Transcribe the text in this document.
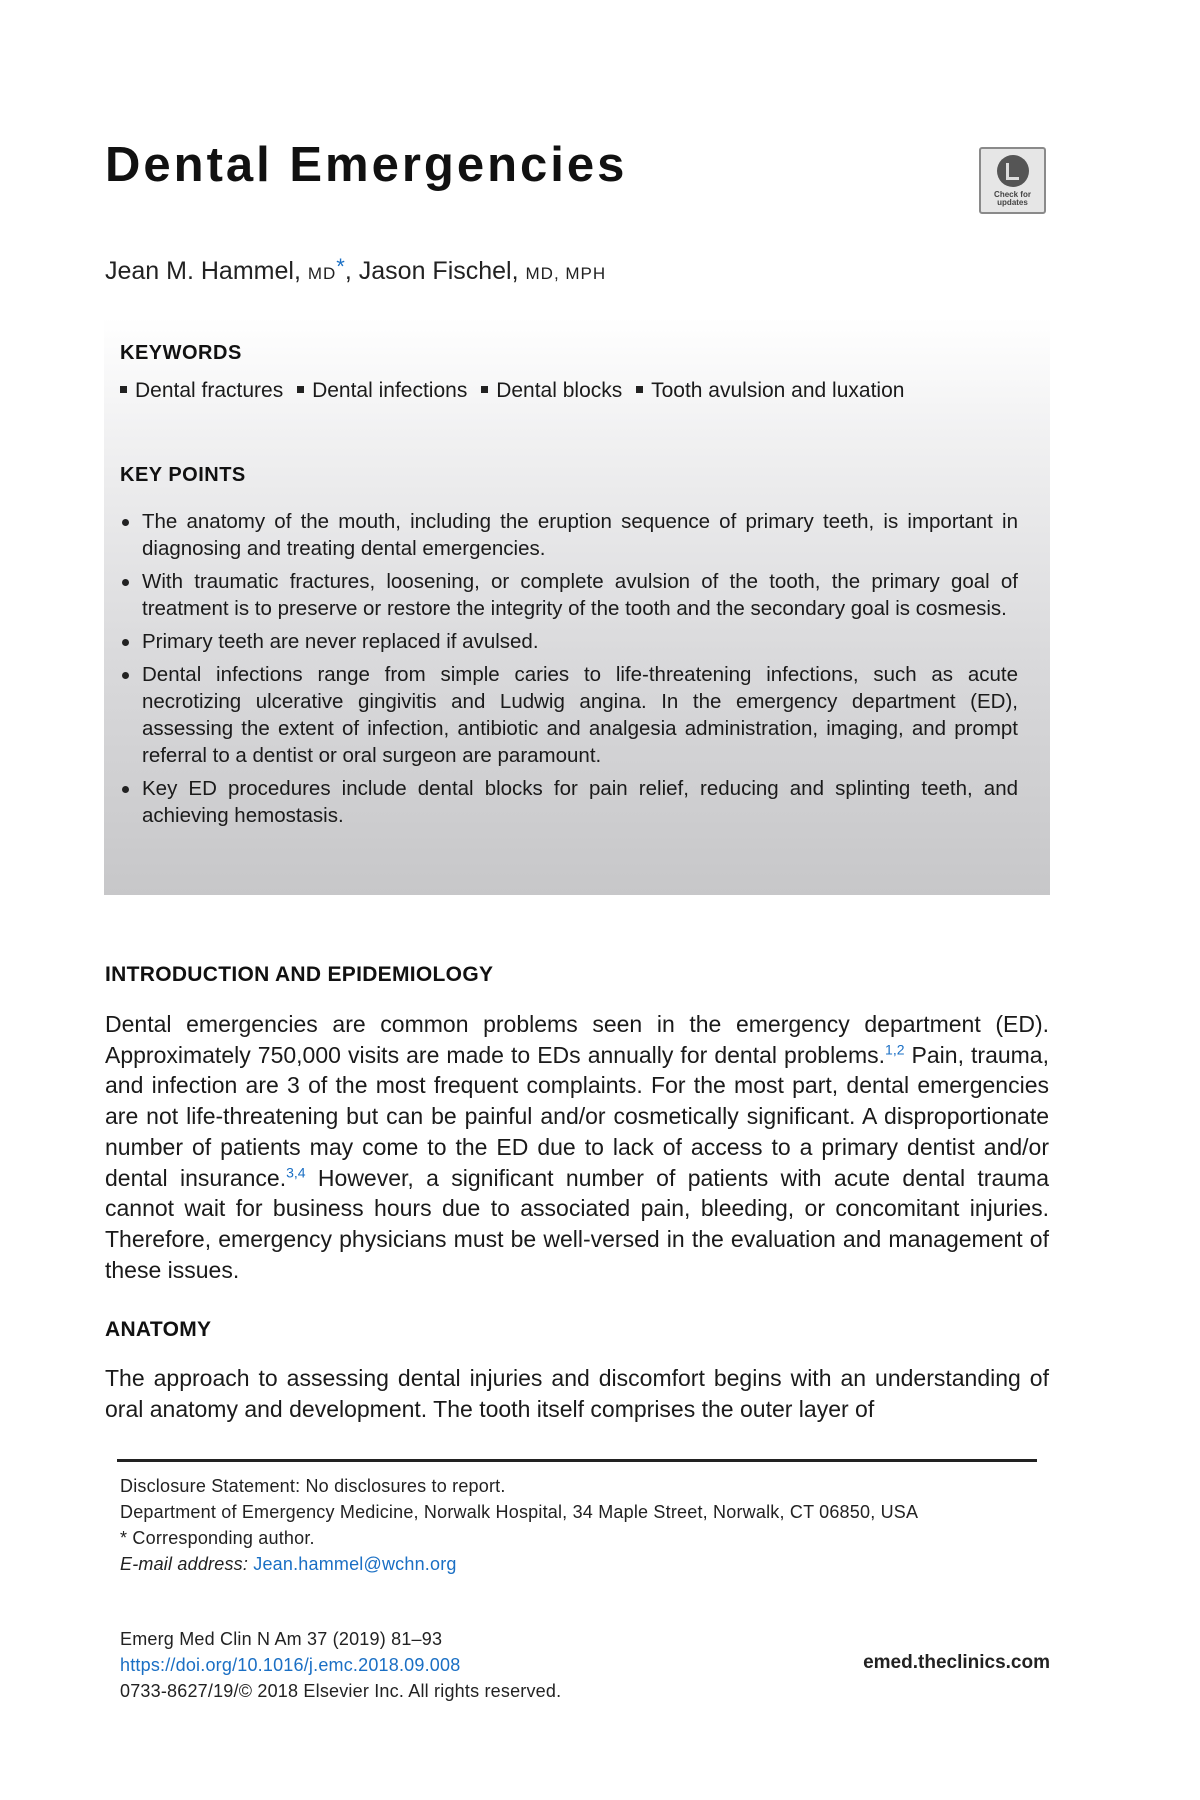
Dental Emergencies
Check for updates
Jean M. Hammel, MD*, Jason Fischel, MD, MPH
KEYWORDS
Dental fractures Dental infections Dental blocks Tooth avulsion and luxation
KEY POINTS
The anatomy of the mouth, including the eruption sequence of primary teeth, is important in diagnosing and treating dental emergencies.
With traumatic fractures, loosening, or complete avulsion of the tooth, the primary goal of treatment is to preserve or restore the integrity of the tooth and the secondary goal is cosmesis.
Primary teeth are never replaced if avulsed.
Dental infections range from simple caries to life-threatening infections, such as acute necrotizing ulcerative gingivitis and Ludwig angina. In the emergency department (ED), assessing the extent of infection, antibiotic and analgesia administration, imaging, and prompt referral to a dentist or oral surgeon are paramount.
Key ED procedures include dental blocks for pain relief, reducing and splinting teeth, and achieving hemostasis.
INTRODUCTION AND EPIDEMIOLOGY

Dental emergencies are common problems seen in the emergency department (ED). Approximately 750,000 visits are made to EDs annually for dental problems.$^{1,2}$ Pain, trauma, and infection are 3 of the most frequent complaints. For the most part, dental emergencies are not life-threatening but can be painful and/or cosmetically significant. A disproportionate number of patients may come to the ED due to lack of access to a primary dentist and/or dental insurance.$^{3,4}$ However, a significant number of patients with acute dental trauma cannot wait for business hours due to associated pain, bleeding, or concomitant injuries. Therefore, emergency physicians must be well-versed in the evaluation and management of these issues.

ANATOMY

The approach to assessing dental injuries and discomfort begins with an understanding of oral anatomy and development. The tooth itself comprises the outer layer of

Disclosure Statement: No disclosures to report.

Department of Emergency Medicine, Norwalk Hospital, 34 Maple Street, Norwalk, CT 06850, USA

* Corresponding author.

E-mail address: Jean.hammel@wchn.org

Emerg Med Clin N Am 37 (2019) 81–93

https://doi.org/10.1016/j.emc.2018.09.008

0733-8627/19/© 2018 Elsevier Inc. All rights reserved.

emed.theclinics.com
